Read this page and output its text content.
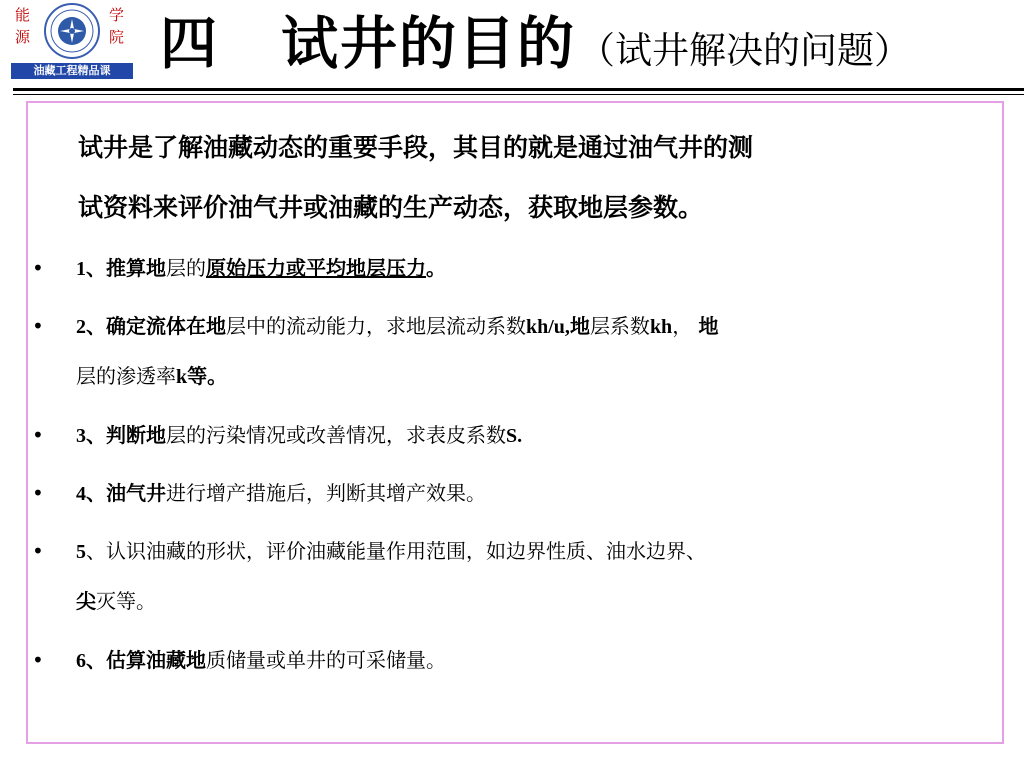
能
源
学
院
油藏工程精品课 四 试井的目的（试井解决的问题）
试井是了解油藏动态的重要手段，其目的就是通过油气井的测
试资料来评价油气井或油藏的生产动态，获取地层参数。
• 1、推算地层的原始压力或平均地层压力。
• 2、确定流体在地层中的流动能力，求地层流动系数kh/u,地层系数kh， 地
层的渗透率k等。
• 3、判断地层的污染情况或改善情况，求表皮系数S.
• 4、油气井进行增产措施后，判断其增产效果。
• 5、认识油藏的形状，评价油藏能量作用范围，如边界性质、油水边界、
尖灭等。
• 6、估算油藏地质储量或单井的可采储量。
